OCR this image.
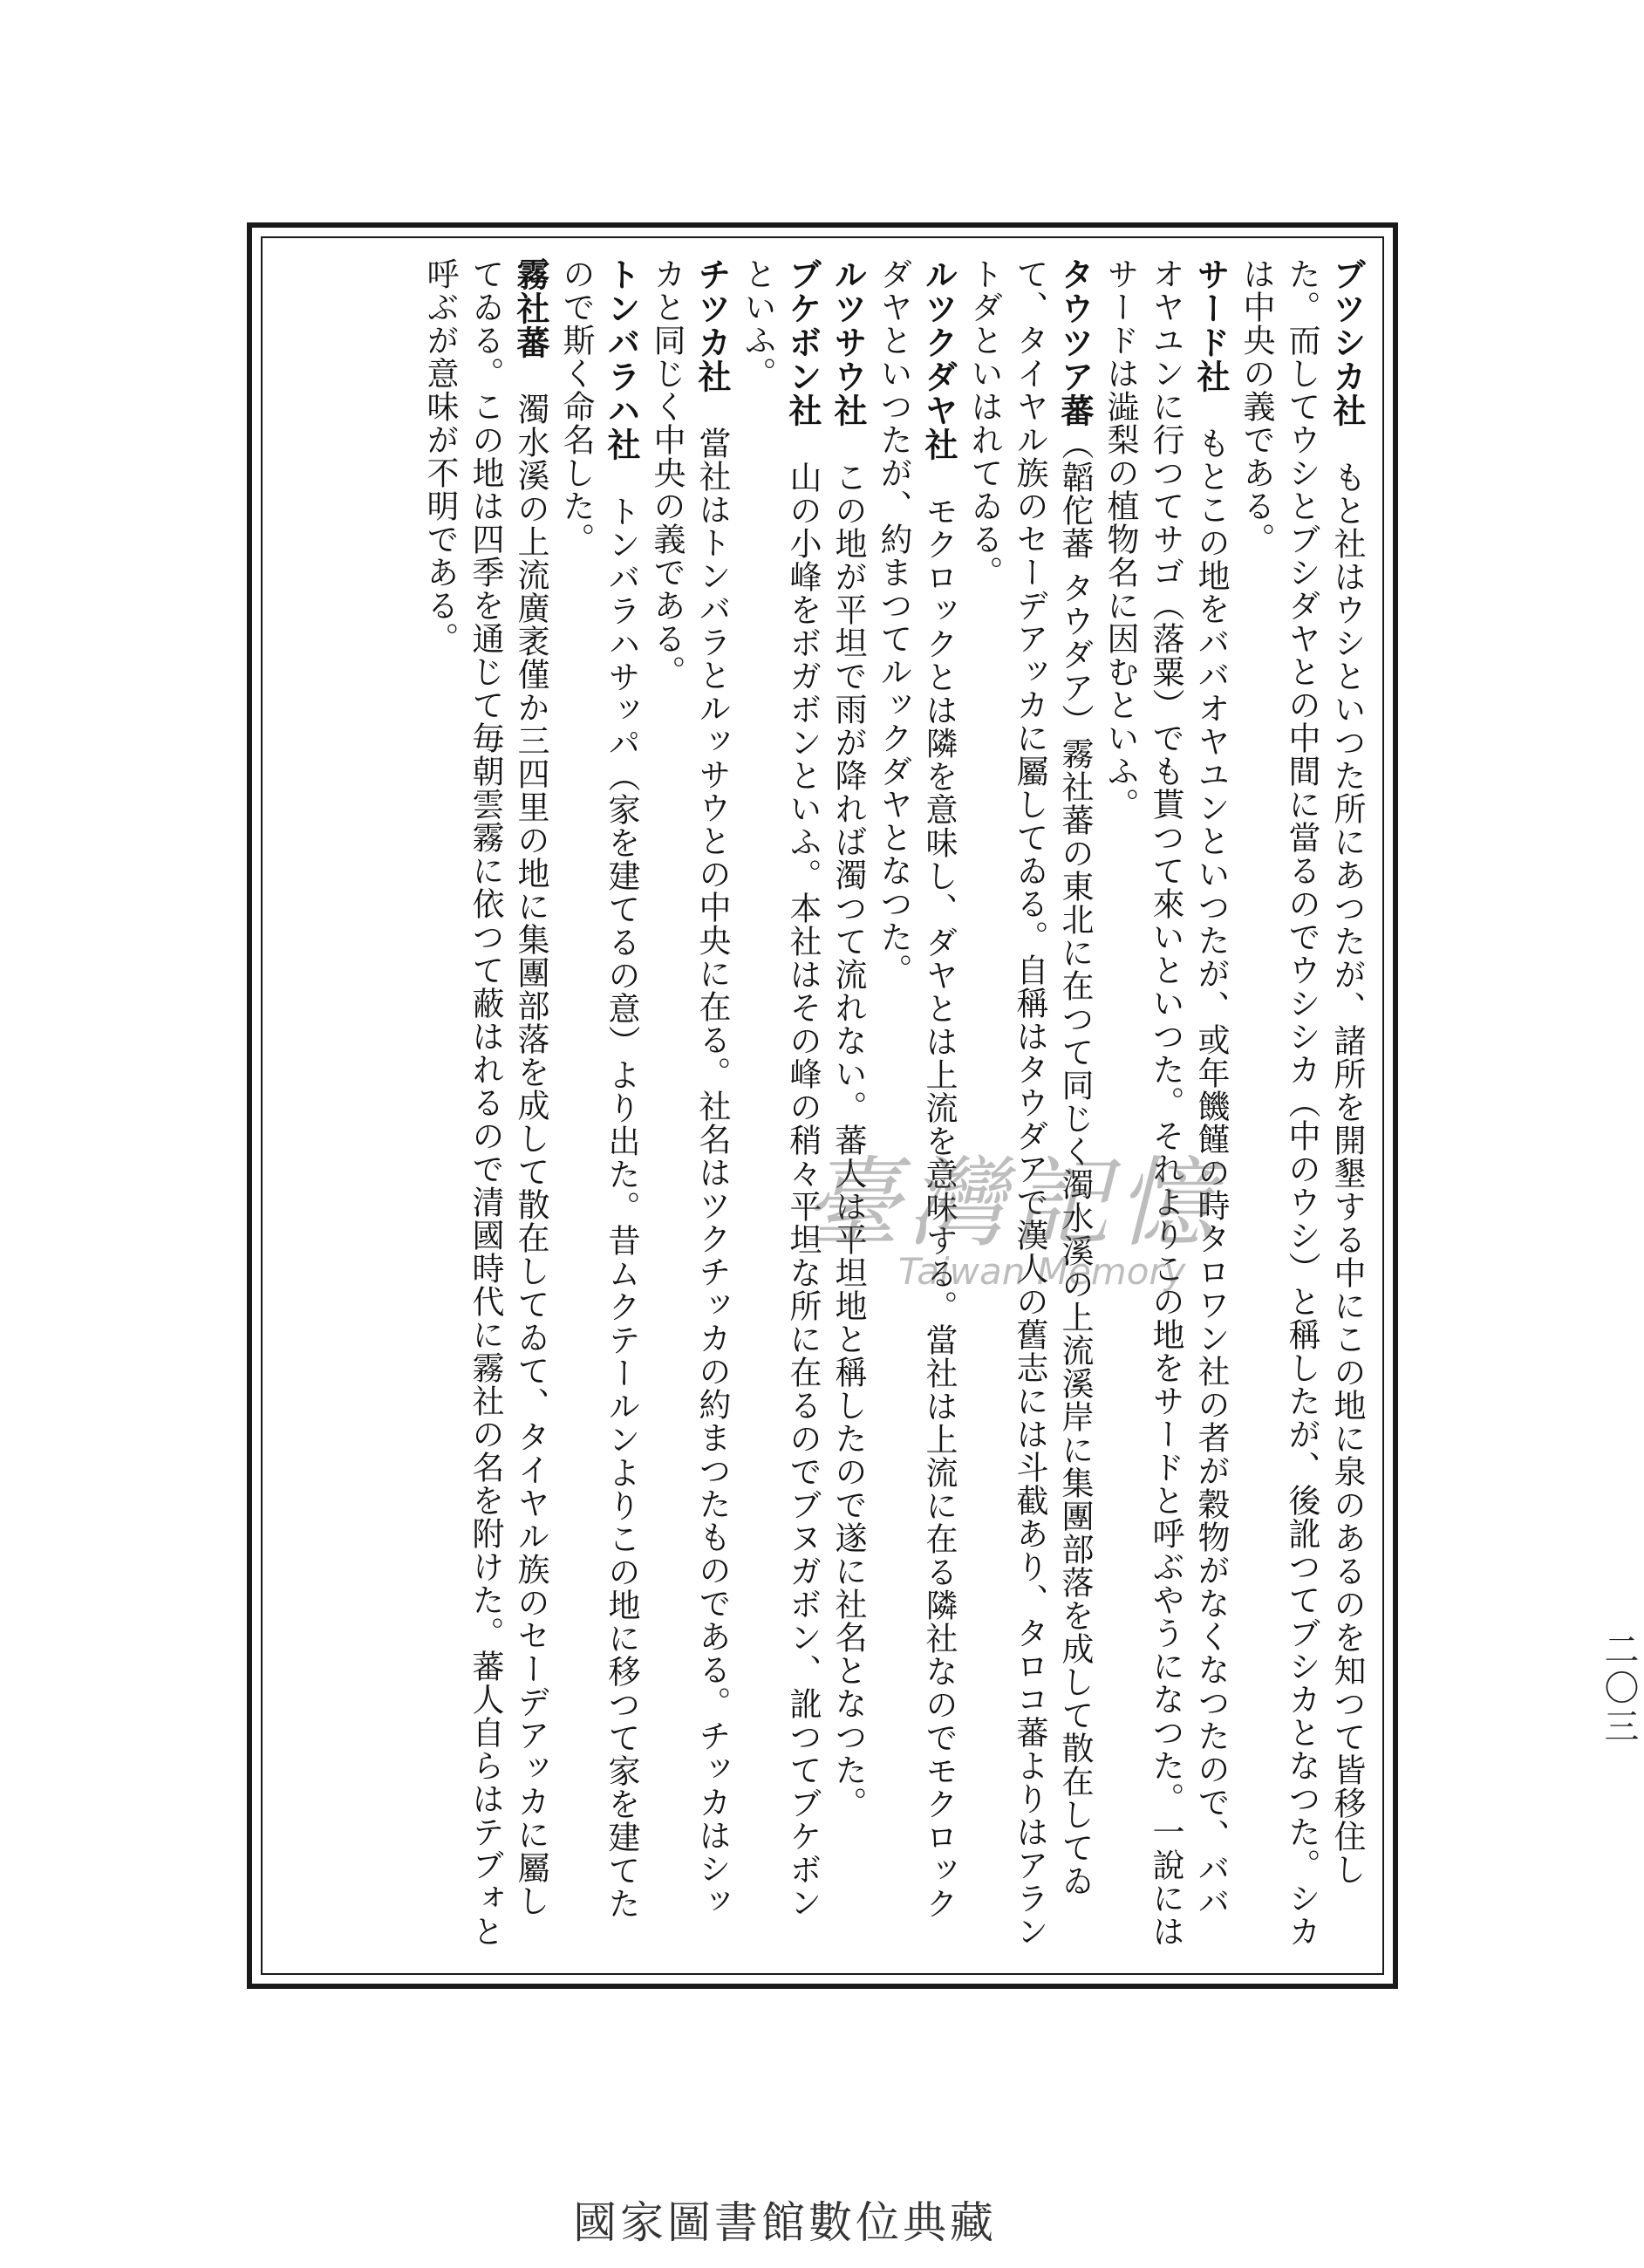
ブツシカ社　もと社はウシといつた所にあつたが、諸所を開墾する中にこの地に泉のあるのを知つて皆移住した。而してウシとブシダヤとの中間に當るのでウシシカ（中のウシ）と稱したが、後訛つてブシカとなつた。シカは中央の義である。

サード社　もとこの地をババオヤユンといつたが、或年饑饉の時タロワン社の者が穀物がなくなつたので、ババオヤユンに行つてサゴ（落粟）でも貰つて來いといつた。それよりこの地をサードと呼ぶやうになつた。一說にはサードは澁梨の植物名に因むといふ。

タウツア蕃（韜佗蕃 タウダア）霧社蕃の東北に在つて同じく濁水溪の上流溪岸に集團部落を成して散在してゐて、タイヤル族のセーデアッカに屬してゐる。自稱はタウダアで漢人の舊志には斗截あり、タロコ蕃よりはアラントダといはれてゐる。

ルツクダヤ社　モクロックとは隣を意味し、ダヤとは上流を意味する。當社は上流に在る隣社なのでモクロックダヤといつたが、約まつてルックダヤとなつた。

ルツサウ社　この地が平坦で雨が降れば濁つて流れない。蕃人は平坦地と稱したので遂に社名となつた。

ブケボン社　山の小峰をボガボンといふ。本社はその峰の稍々平坦な所に在るのでブヌガボン、訛つてブケボンといふ。

チツカ社　當社はトンバラとルッサウとの中央に在る。社名はツクチッカの約まつたものである。チッカはシッカと同じく中央の義である。

トンバラハ社　トンバラハサッパ（家を建てるの意）より出た。昔ムクテールンよりこの地に移つて家を建てたので斯く命名した。

霧社蕃　濁水溪の上流廣袤僅か三四里の地に集團部落を成して散在してゐて、タイヤル族のセーデアッカに屬してゐる。この地は四季を通じて毎朝雲霧に依つて蔽はれるので清國時代に霧社の名を附けた。蕃人自らはテブォと呼ぶが意味が不明である。

二〇三
臺灣記憶
Taiwan Memory
國家圖書館數位典藏
